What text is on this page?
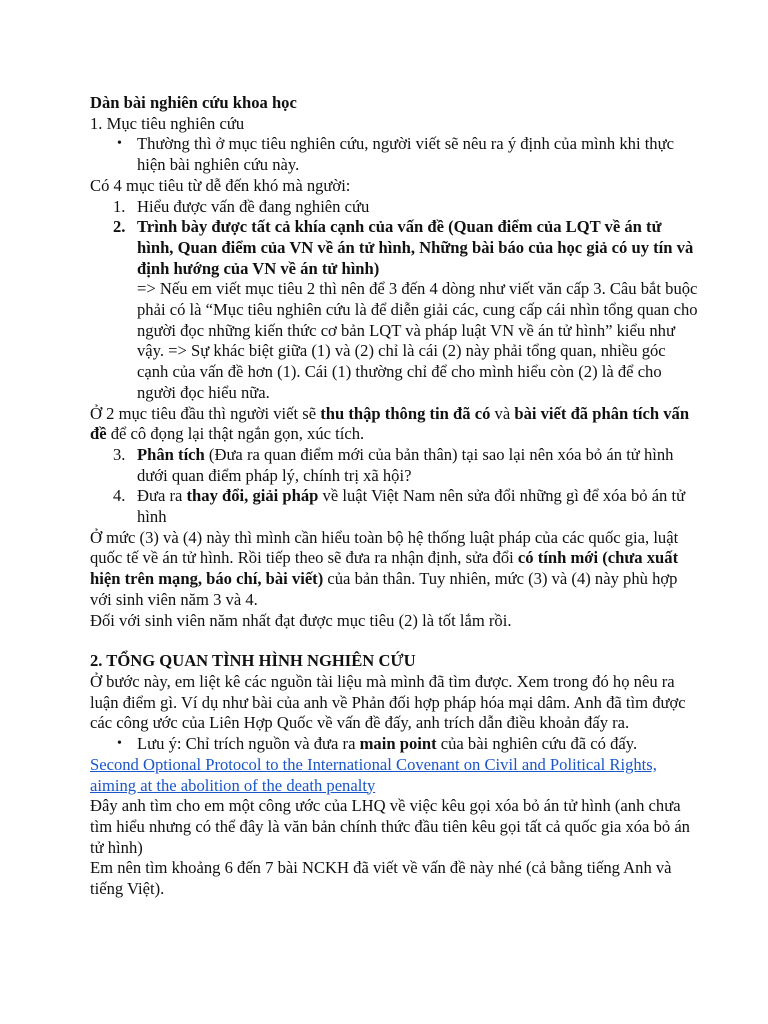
Dàn bài nghiên cứu khoa học

1. Mục tiêu nghiên cứu

• Thường thì ở mục tiêu nghiên cứu, người viết sẽ nêu ra ý định của mình khi thực hiện bài nghiên cứu này.

Có 4 mục tiêu từ dễ đến khó mà người:

1. Hiểu được vấn đề đang nghiên cứu
2. Trình bày được tất cả khía cạnh của vấn đề (Quan điểm của LQT về án tử hình, Quan điểm của VN về án tử hình, Những bài báo của học giả có uy tín và định hướng của VN về án tử hình)
=> Nếu em viết mục tiêu 2 thì nên để 3 đến 4 dòng như viết văn cấp 3. Câu bắt buộc phải có là “Mục tiêu nghiên cứu là để diễn giải các, cung cấp cái nhìn tổng quan cho người đọc những kiến thức cơ bản LQT và pháp luật VN về án tử hình” kiểu như vậy. => Sự khác biệt giữa (1) và (2) chỉ là cái (2) này phải tổng quan, nhiều góc cạnh của vấn đề hơn (1). Cái (1) thường chỉ để cho mình hiểu còn (2) là để cho người đọc hiểu nữa.

Ở 2 mục tiêu đầu thì người viết sẽ thu thập thông tin đã có và bài viết đã phân tích vấn đề để cô đọng lại thật ngắn gọn, xúc tích.

3. Phân tích (Đưa ra quan điểm mới của bản thân) tại sao lại nên xóa bỏ án tử hình dưới quan điểm pháp lý, chính trị xã hội?
4. Đưa ra thay đổi, giải pháp về luật Việt Nam nên sửa đổi những gì để xóa bỏ án tử hình

Ở mức (3) và (4) này thì mình cần hiểu toàn bộ hệ thống luật pháp của các quốc gia, luật quốc tế về án tử hình. Rồi tiếp theo sẽ đưa ra nhận định, sửa đổi có tính mới (chưa xuất hiện trên mạng, báo chí, bài viết) của bản thân. Tuy nhiên, mức (3) và (4) này phù hợp với sinh viên năm 3 và 4.

Đối với sinh viên năm nhất đạt được mục tiêu (2) là tốt lắm rồi.

2. TỔNG QUAN TÌNH HÌNH NGHIÊN CỨU

Ở bước này, em liệt kê các nguồn tài liệu mà mình đã tìm được. Xem trong đó họ nêu ra luận điểm gì. Ví dụ như bài của anh về Phản đối hợp pháp hóa mại dâm. Anh đã tìm được các công ước của Liên Hợp Quốc về vấn đề đấy, anh trích dẫn điều khoản đấy ra.

• Lưu ý: Chỉ trích nguồn và đưa ra main point của bài nghiên cứu đã có đấy.

Second Optional Protocol to the International Covenant on Civil and Political Rights, aiming at the abolition of the death penalty

Đây anh tìm cho em một công ước của LHQ về việc kêu gọi xóa bỏ án tử hình (anh chưa tìm hiểu nhưng có thể đây là văn bản chính thức đầu tiên kêu gọi tất cả quốc gia xóa bỏ án tử hình)

Em nên tìm khoảng 6 đến 7 bài NCKH đã viết về vấn đề này nhé (cả bằng tiếng Anh và tiếng Việt).
